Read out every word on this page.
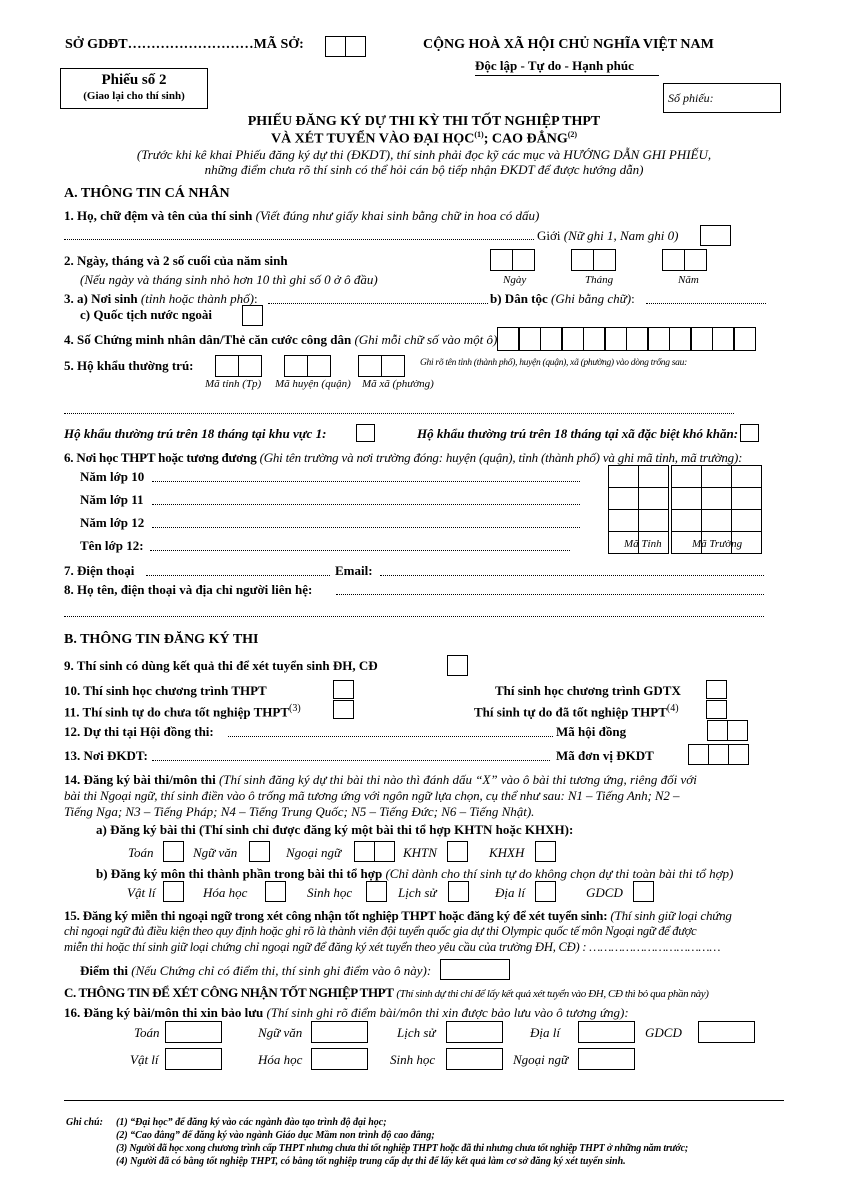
SỞ GDĐT………………………MÃ SỞ:	CỘNG HOÀ XÃ HỘI CHỦ NGHĨA VIỆT NAM
Độc lập - Tự do - Hạnh phúc
Phiếu số 2
(Giao lại cho thí sinh)	Số phiếu:
PHIẾU ĐĂNG KÝ DỰ THI KỲ THI TỐT NGHIỆP THPT
VÀ XÉT TUYỂN VÀO ĐẠI HỌC$^{(1)}$; CAO ĐẲNG$^{(2)}$
(Trước khi kê khai Phiếu đăng ký dự thi (ĐKDT), thí sinh phải đọc kỹ các mục và HƯỚNG DẪN GHI PHIẾU,
những điểm chưa rõ thí sinh có thể hỏi cán bộ tiếp nhận ĐKDT để được hướng dẫn)
A. THÔNG TIN CÁ NHÂN
1. Họ, chữ đệm và tên của thí sinh (Viết đúng như giấy khai sinh bằng chữ in hoa có dấu)
Giới (Nữ ghi 1, Nam ghi 0)
2. Ngày, tháng và 2 số cuối của năm sinh
(Nếu ngày và tháng sinh nhỏ hơn 10 thì ghi số 0 ở ô đầu)	Ngày	Tháng	Năm
3. a) Nơi sinh (tỉnh hoặc thành phố):	b) Dân tộc (Ghi bằng chữ):
c) Quốc tịch nước ngoài
4. Số Chứng minh nhân dân/Thẻ căn cước công dân (Ghi mỗi chữ số vào một ô)
5. Hộ khẩu thường trú:	Ghi rõ tên tỉnh (thành phố), huyện (quận), xã (phường) vào dòng trống sau:
Mã tỉnh (Tp) Mã huyện (quận) Mã xã (phường)
Hộ khẩu thường trú trên 18 tháng tại khu vực 1:	Hộ khẩu thường trú trên 18 tháng tại xã đặc biệt khó khăn:
6. Nơi học THPT hoặc tương đương (Ghi tên trường và nơi trường đóng: huyện (quận), tỉnh (thành phố) và ghi mã tỉnh, mã trường):
Năm lớp 10
Năm lớp 11
Năm lớp 12
Tên lớp 12:	Mã Tỉnh	Mã Trường
7. Điện thoại	Email:
8. Họ tên, điện thoại và địa chỉ người liên hệ:
B. THÔNG TIN ĐĂNG KÝ THI
9. Thí sinh có dùng kết quả thi để xét tuyển sinh ĐH, CĐ
10. Thí sinh học chương trình THPT	Thí sinh học chương trình GDTX
11. Thí sinh tự do chưa tốt nghiệp THPT$^{(3)}$	Thí sinh tự do đã tốt nghiệp THPT$^{(4)}$
12. Dự thi tại Hội đồng thi:	Mã hội đồng
13. Nơi ĐKDT:	Mã đơn vị ĐKDT
14. Đăng ký bài thi/môn thi (Thí sinh đăng ký dự thi bài thi nào thì đánh dấu “X” vào ô bài thi tương ứng, riêng đối với
bài thi Ngoại ngữ, thí sinh điền vào ô trống mã tương ứng với ngôn ngữ lựa chọn, cụ thể như sau: N1 – Tiếng Anh; N2 –
Tiếng Nga; N3 – Tiếng Pháp; N4 – Tiếng Trung Quốc; N5 – Tiếng Đức; N6 – Tiếng Nhật).
a) Đăng ký bài thi (Thí sinh chỉ được đăng ký một bài thi tổ hợp KHTN hoặc KHXH):
Toán	Ngữ văn	Ngoại ngữ	KHTN	KHXH
b) Đăng ký môn thi thành phần trong bài thi tổ hợp (Chỉ dành cho thí sinh tự do không chọn dự thi toàn bài thi tổ hợp)
Vật lí	Hóa học	Sinh học	Lịch sử	Địa lí	GDCD
15. Đăng ký miễn thi ngoại ngữ trong xét công nhận tốt nghiệp THPT hoặc đăng ký để xét tuyển sinh: (Thí sinh giữ loại chứng
chỉ ngoại ngữ đủ điều kiện theo quy định hoặc ghi rõ là thành viên đội tuyển quốc gia dự thi Olympic quốc tế môn Ngoại ngữ để được
miễn thi hoặc thí sinh giữ loại chứng chỉ ngoại ngữ để đăng ký xét tuyển theo yêu cầu của trường ĐH, CĐ) : ………………………………
Điểm thi (Nếu Chứng chỉ có điểm thi, thí sinh ghi điểm vào ô này):
C. THÔNG TIN ĐỂ XÉT CÔNG NHẬN TỐT NGHIỆP THPT (Thí sinh dự thi chỉ để lấy kết quả xét tuyển vào ĐH, CĐ thì bỏ qua phần này)
16. Đăng ký bài/môn thi xin bảo lưu (Thí sinh ghi rõ điểm bài/môn thi xin được bảo lưu vào ô tương ứng):
Toán	Ngữ văn	Lịch sử	Địa lí	GDCD
Vật lí	Hóa học	Sinh học	Ngoại ngữ
Ghi chú: (1) “Đại học” để đăng ký vào các ngành đào tạo trình độ đại học;
(2) “Cao đẳng” để đăng ký vào ngành Giáo dục Mầm non trình độ cao đẳng;
(3) Người đã học xong chương trình cấp THPT nhưng chưa thi tốt nghiệp THPT hoặc đã thi nhưng chưa tốt nghiệp THPT ở những năm trước;
(4) Người đã có bằng tốt nghiệp THPT, có bằng tốt nghiệp trung cấp dự thi để lấy kết quả làm cơ sở đăng ký xét tuyển sinh.
